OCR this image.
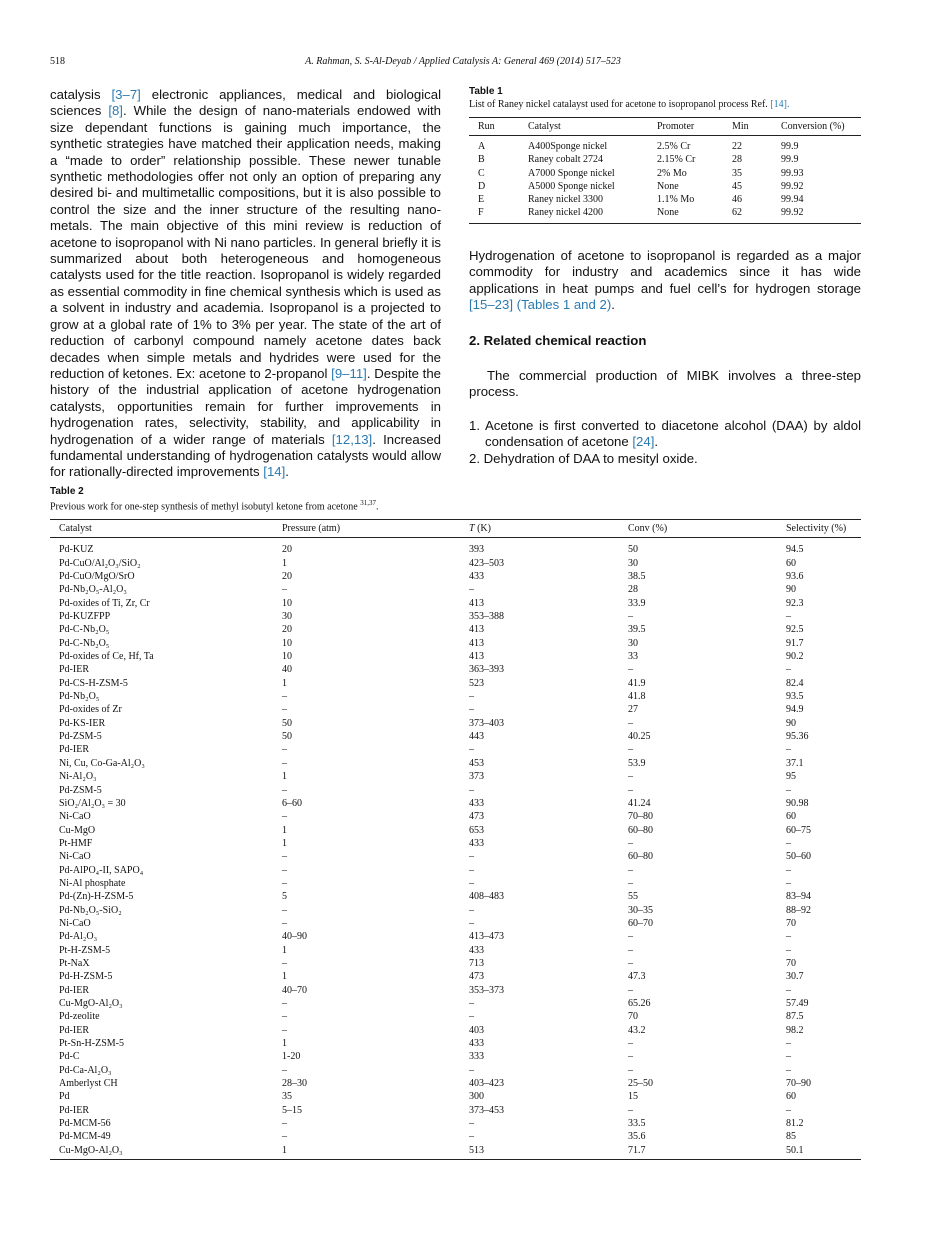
518	A. Rahman, S. S-Al-Deyab / Applied Catalysis A: General 469 (2014) 517–523

catalysis [3–7] electronic appliances, medical and biological sciences [8]. While the design of nano-materials endowed with size dependant functions is gaining much importance, the synthetic strategies have matched their application needs, making a “made to order” relationship possible. These newer tunable synthetic methodologies offer not only an option of preparing any desired bi- and multimetallic compositions, but it is also possible to control the size and the inner structure of the resulting nano-metals. The main objective of this mini review is reduction of acetone to isopropanol with Ni nano particles. In general briefly it is summarized about both heterogeneous and homogeneous catalysts used for the title reaction. Isopropanol is widely regarded as essential commodity in fine chemical synthesis which is used as a solvent in industry and academia. Isopropanol is a projected to grow at a global rate of 1% to 3% per year. The state of the art of reduction of carbonyl compound namely acetone dates back decades when simple metals and hydrides were used for the reduction of ketones. Ex: acetone to 2-propanol [9–11]. Despite the history of the industrial application of acetone hydrogenation catalysts, opportunities remain for further improvements in hydrogenation rates, selectivity, stability, and applicability in hydrogenation of a wider range of materials [12,13]. Increased fundamental understanding of hydrogenation catalysts would allow for rationally-directed improvements [14].

Table 1
List of Raney nickel catalayst used for acetone to isopropanol process Ref. [14].
Run	Catalyst	Promoter	Min	Conversion (%)
A	A400Sponge nickel	2.5% Cr	22	99.9
B	Raney cobalt 2724	2.15% Cr	28	99.9
C	A7000 Sponge nickel	2% Mo	35	99.93
D	A5000 Sponge nickel	None	45	99.92
E	Raney nickel 3300	1.1% Mo	46	99.94
F	Raney nickel 4200	None	62	99.92

Hydrogenation of acetone to isopropanol is regarded as a major commodity for industry and academics since it has wide applications in heat pumps and fuel cell’s for hydrogen storage [15–23] (Tables 1 and 2).

2. Related chemical reaction

The commercial production of MIBK involves a three-step process.

1. Acetone is first converted to diacetone alcohol (DAA) by aldol condensation of acetone [24].
2. Dehydration of DAA to mesityl oxide.
Table 2
Previous work for one-step synthesis of methyl isobutyl ketone from acetone $^{31,37}$.
Catalyst	Pressure (atm)	T (K)	Conv (%)	Selectivity (%)
Pd-KUZ	20	393	50	94.5
Pd-CuO/Al₂O₃/SiO₂	1	423–503	30	60
Pd-CuO/MgO/SrO	20	433	38.5	93.6
Pd-Nb₂O₅-Al₂O₃	–	–	28	90
Pd-oxides of Ti, Zr, Cr	10	413	33.9	92.3
Pd-KUZFPP	30	353–388	–	–
Pd-C-Nb₂O₅	20	413	39.5	92.5
Pd-C-Nb₂O₅	10	413	30	91.7
Pd-oxides of Ce, Hf, Ta	10	413	33	90.2
Pd-IER	40	363–393	–	–
Pd-CS-H-ZSM-5	1	523	41.9	82.4
Pd-Nb₂O₅	–	–	41.8	93.5
Pd-oxides of Zr	–	–	27	94.9
Pd-KS-IER	50	373–403	–	90
Pd-ZSM-5	50	443	40.25	95.36
Pd-IER	–	–	–	–
Ni, Cu, Co-Ga-Al₂O₃	–	453	53.9	37.1
Ni-Al₂O₃	1	373	–	95
Pd-ZSM-5	–	–	–	–
SiO₂/Al₂O₃ = 30	6–60	433	41.24	90.98
Ni-CaO	–	473	70–80	60
Cu-MgO	1	653	60–80	60–75
Pt-HMF	1	433	–	–
Ni-CaO	–	–	60–80	50–60
Pd-AlPO₄-II, SAPO₄	–	–	–	–
Ni-Al phosphate	–	–	–	–
Pd-(Zn)-H-ZSM-5	5	408–483	55	83–94
Pd-Nb₂O₅-SiO₂	–	–	30–35	88–92
Ni-CaO	–	–	60–70	70
Pd-Al₂O₃	40–90	413–473	–	–
Pt-H-ZSM-5	1	433	–	–
Pt-NaX	–	713	–	70
Pd-H-ZSM-5	1	473	47.3	30.7
Pd-IER	40–70	353–373	–	–
Cu-MgO-Al₂O₃	–	–	65.26	57.49
Pd-zeolite	–	–	70	87.5
Pd-IER	–	403	43.2	98.2
Pt-Sn-H-ZSM-5	1	433	–	–
Pd-C	1-20	333	–	–
Pd-Ca-Al₂O₃	–	–	–	–
Amberlyst CH	28–30	403–423	25–50	70–90
Pd	35	300	15	60
Pd-IER	5–15	373–453	–	–
Pd-MCM-56	–	–	33.5	81.2
Pd-MCM-49	–	–	35.6	85
Cu-MgO-Al₂O₃	1	513	71.7	50.1
